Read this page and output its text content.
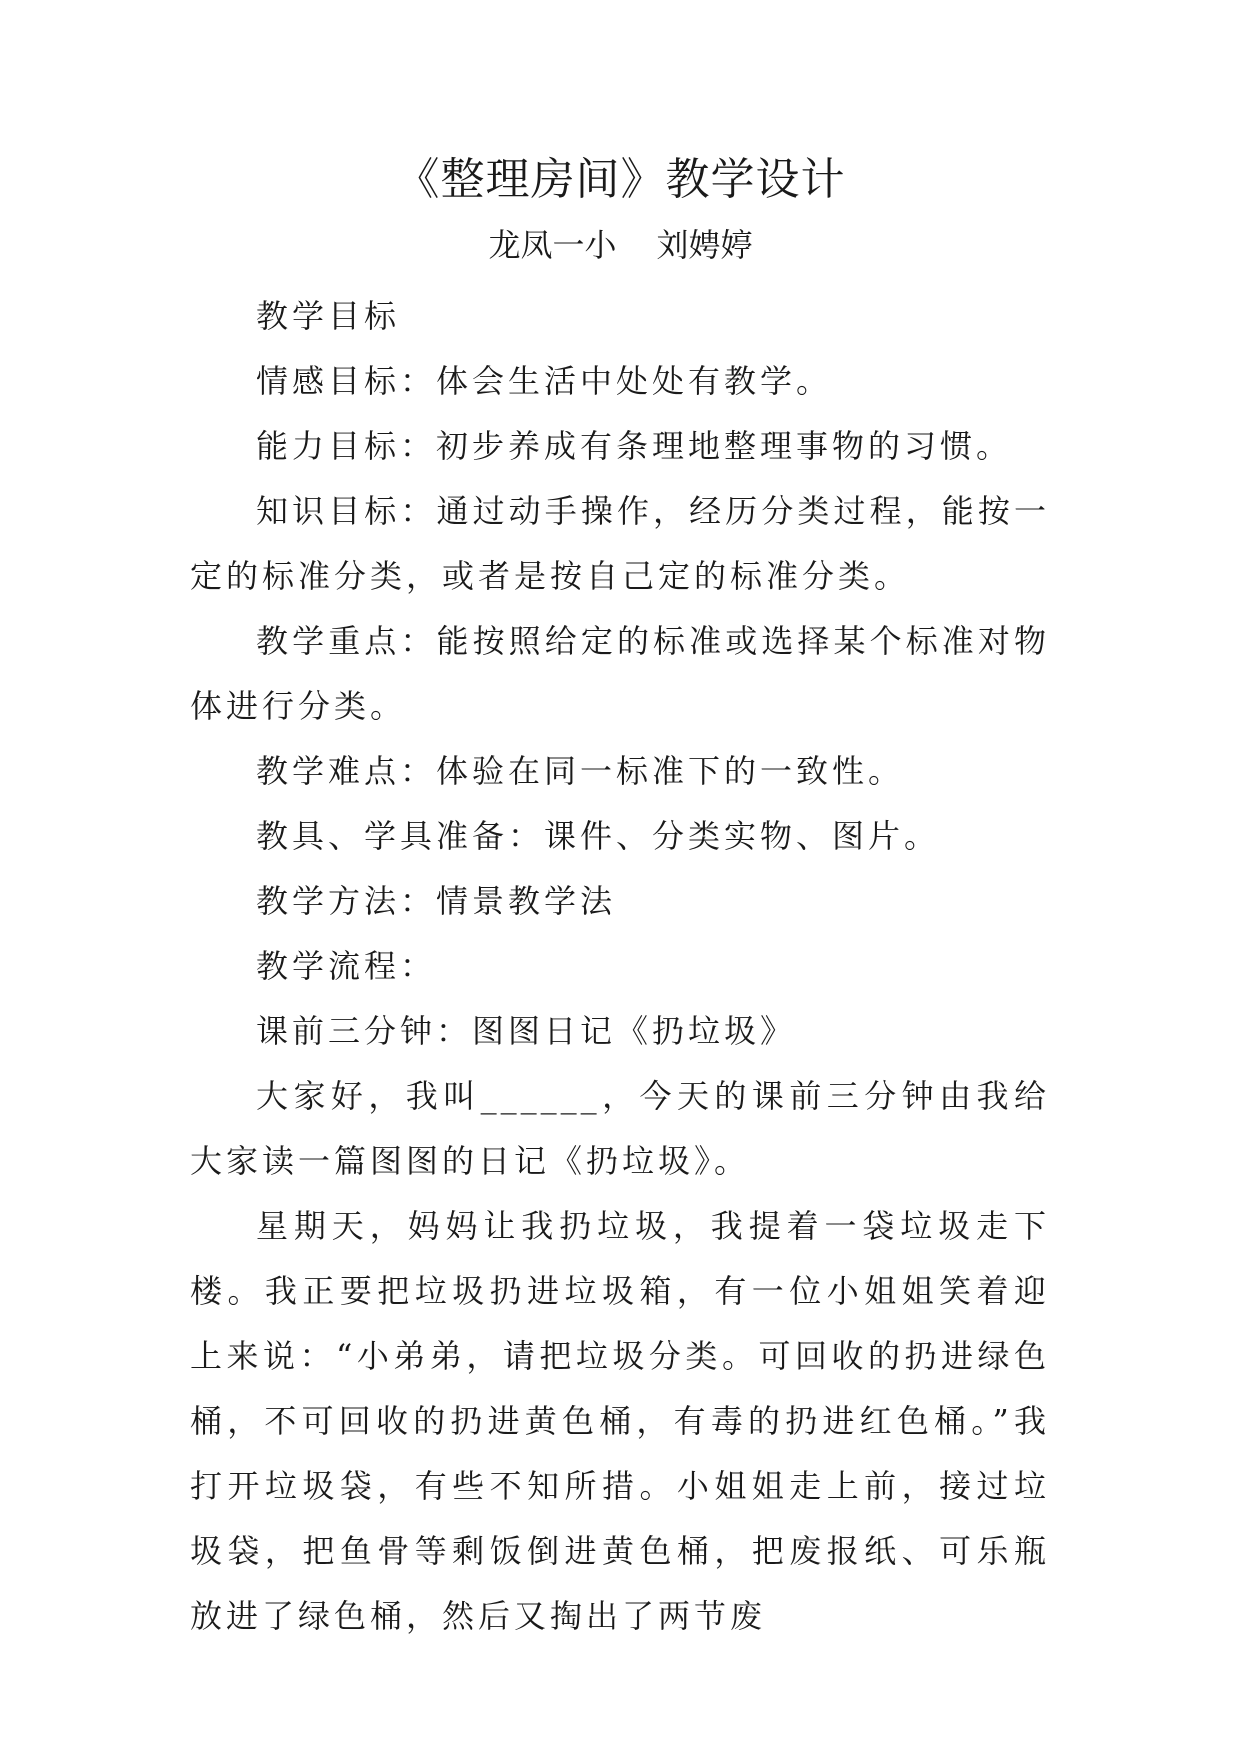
《整理房间》教学设计
龙凤一小 刘娉婷

教学目标

情感目标：体会生活中处处有教学。

能力目标：初步养成有条理地整理事物的习惯。

知识目标：通过动手操作，经历分类过程，能按一定的标准分类，或者是按自己定的标准分类。

教学重点：能按照给定的标准或选择某个标准对物体进行分类。

教学难点：体验在同一标准下的一致性。

教具、学具准备：课件、分类实物、图片。

教学方法：情景教学法

教学流程：

课前三分钟：图图日记《扔垃圾》

大家好，我叫______，今天的课前三分钟由我给大家读一篇图图的日记《扔垃圾》。

星期天，妈妈让我扔垃圾，我提着一袋垃圾走下楼。我正要把垃圾扔进垃圾箱，有一位小姐姐笑着迎上来说：“小弟弟，请把垃圾分类。可回收的扔进绿色桶，不可回收的扔进黄色桶，有毒的扔进红色桶。”我打开垃圾袋，有些不知所措。小姐姐走上前，接过垃圾袋，把鱼骨等剩饭倒进黄色桶，把废报纸、可乐瓶放进了绿色桶，然后又掏出了两节废
